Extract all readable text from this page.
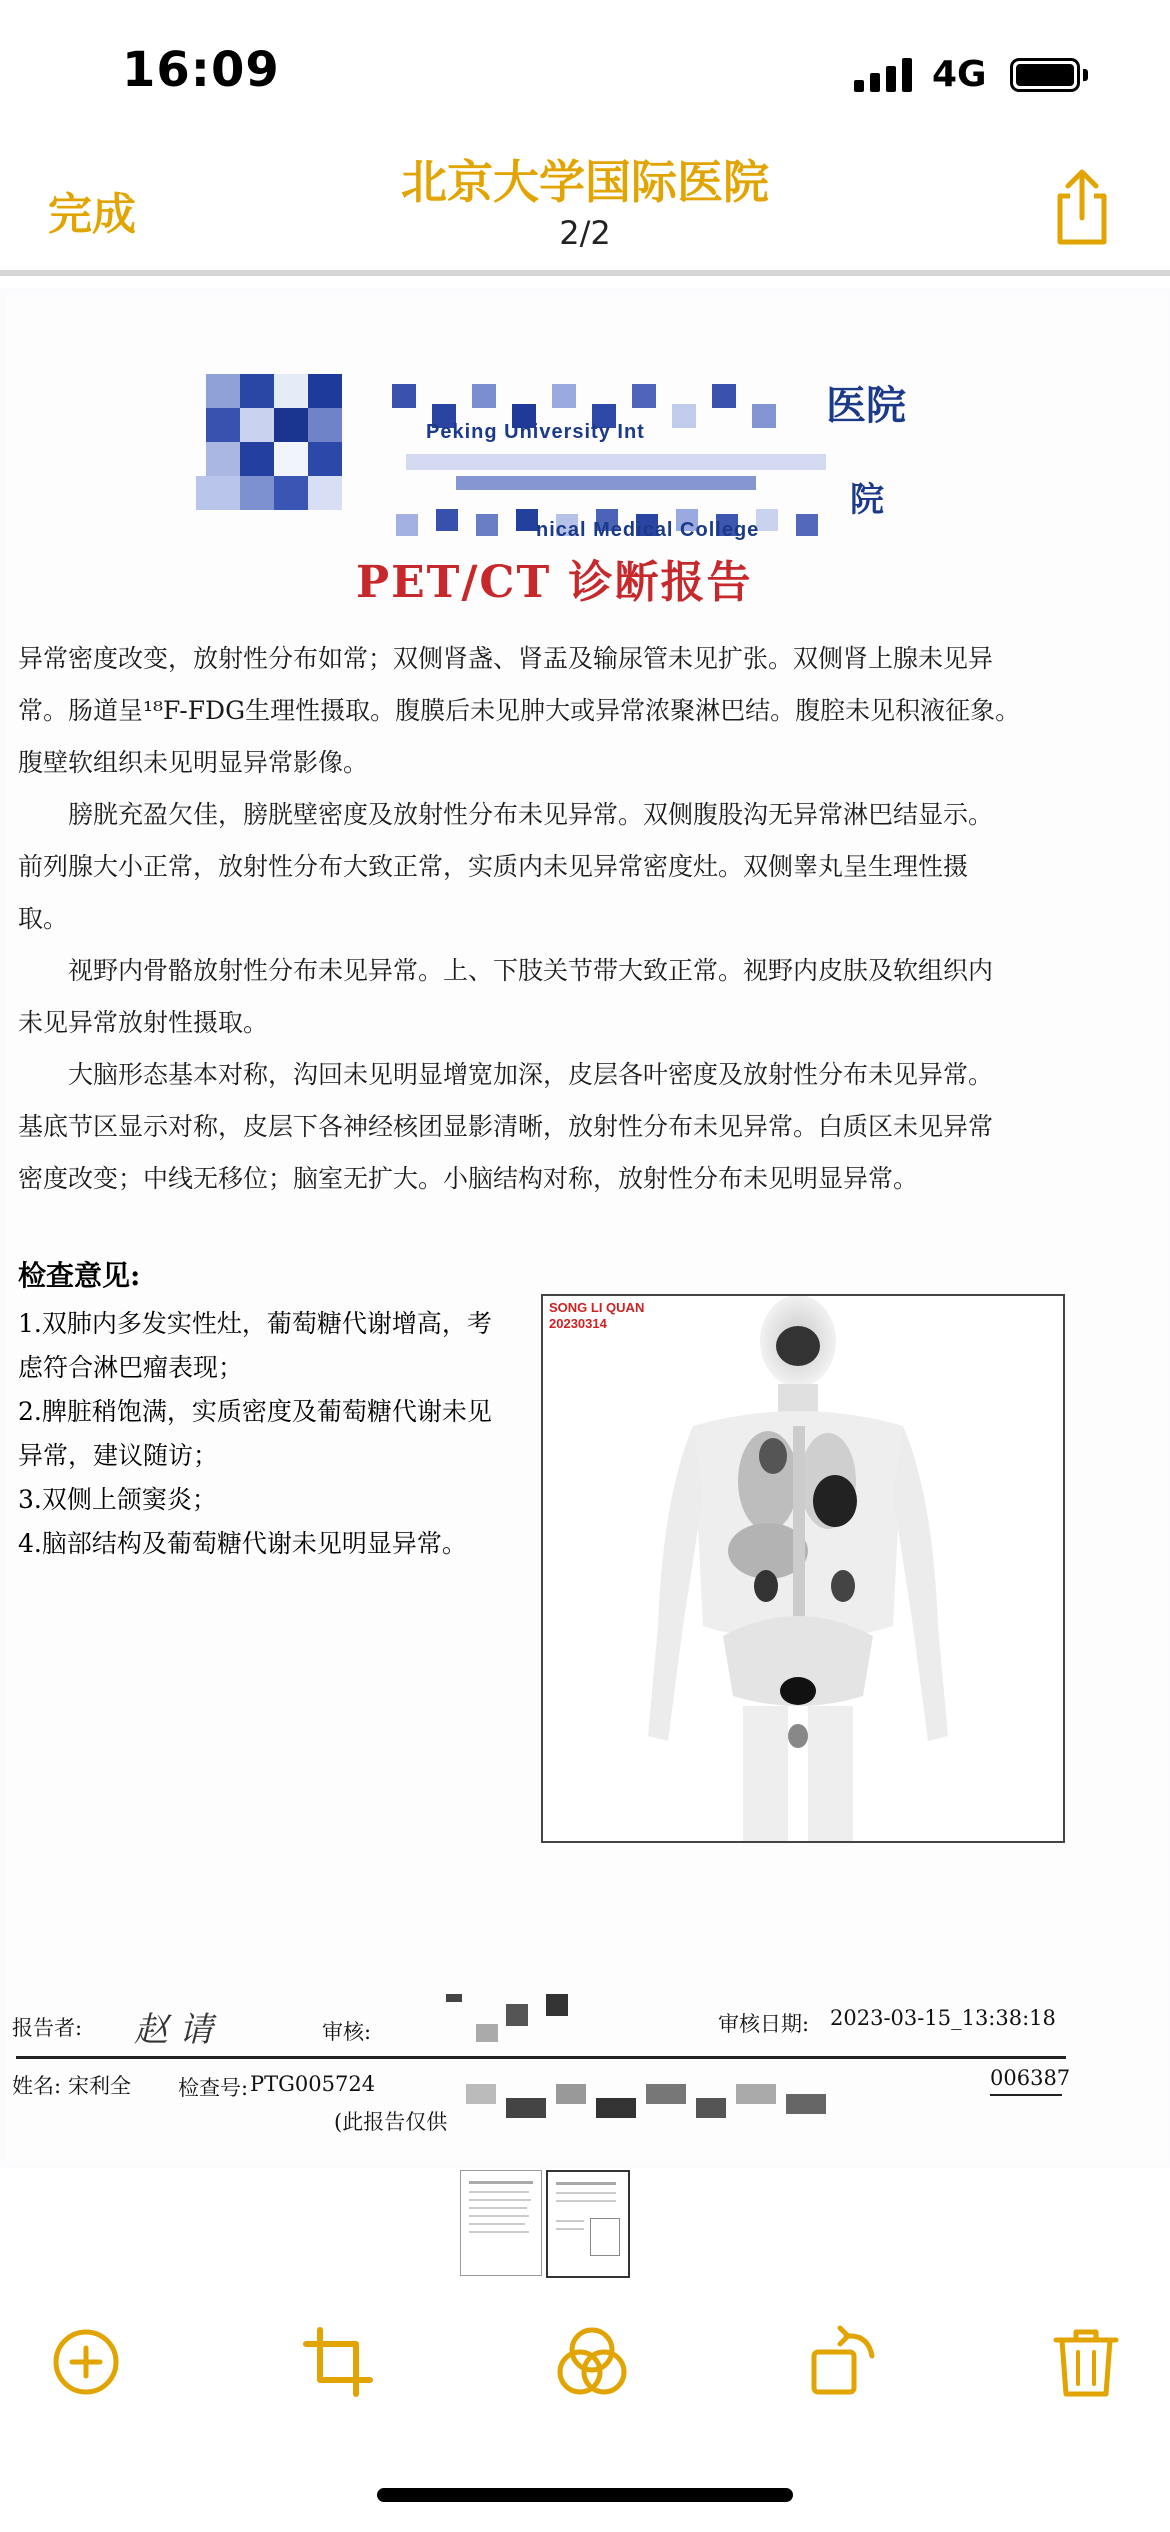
16:09	4G
完成
北京大学国际医院
2/2
Peking University Int
nical Medical College
医院
院
PET/CT 诊断报告
异常密度改变，放射性分布如常；双侧肾盏、肾盂及输尿管未见扩张。双侧肾上腺未见异
常。肠道呈¹⁸F-FDG生理性摄取。腹膜后未见肿大或异常浓聚淋巴结。腹腔未见积液征象。
腹壁软组织未见明显异常影像。
　　膀胱充盈欠佳，膀胱壁密度及放射性分布未见异常。双侧腹股沟无异常淋巴结显示。
前列腺大小正常，放射性分布大致正常，实质内未见异常密度灶。双侧睾丸呈生理性摄
取。
　　视野内骨骼放射性分布未见异常。上、下肢关节带大致正常。视野内皮肤及软组织内
未见异常放射性摄取。
　　大脑形态基本对称，沟回未见明显增宽加深，皮层各叶密度及放射性分布未见异常。
基底节区显示对称，皮层下各神经核团显影清晰，放射性分布未见异常。白质区未见异常
密度改变；中线无移位；脑室无扩大。小脑结构对称，放射性分布未见明显异常。
检查意见:
1.双肺内多发实性灶，葡萄糖代谢增高，考
虑符合淋巴瘤表现；
2.脾脏稍饱满，实质密度及葡萄糖代谢未见
异常，建议随访；
3.双侧上颌窦炎；
4.脑部结构及葡萄糖代谢未见明显异常。
SONG LI QUAN
20230314
报告者: 赵 请	审核:	审核日期: 2023-03-15_13:38:18
姓名: 宋利全 检查号: PTG005724	006387
(此报告仅供
